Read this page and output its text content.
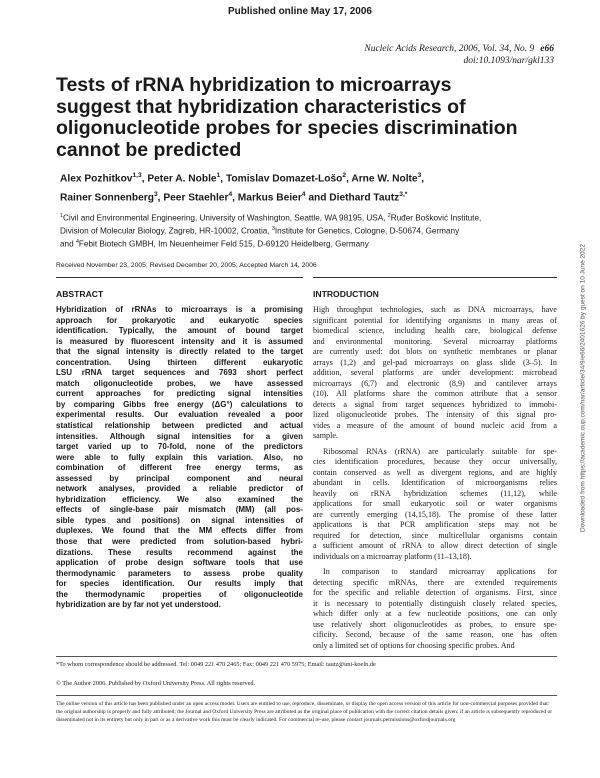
Published online May 17, 2006
Nucleic Acids Research, 2006, Vol. 34, No. 9 e66
doi:10.1093/nar/gkl133
Tests of rRNA hybridization to microarrays
suggest that hybridization characteristics of
oligonucleotide probes for species discrimination
cannot be predicted
Alex Pozhitkov$^{1,3}$, Peter A. Noble$^1$, Tomislav Domazet-Lošo$^2$, Arne W. Nolte$^3$,
Rainer Sonnenberg$^3$, Peer Staehler$^4$, Markus Beier$^4$ and Diethard Tautz$^{3,*}$
$^1$Civil and Environmental Engineering, University of Washington, Seattle, WA 98195, USA, $^2$Ruđer Bošković Institute,
Division of Molecular Biology, Zagreb, HR-10002, Croatia, $^3$Institute for Genetics, Cologne, D-50674, Germany
and $^4$Febit Biotech GMBH, Im Neuenheimer Feld 515, D-69120 Heidelberg, Germany
Received November 23, 2005; Revised December 20, 2005; Accepted March 14, 2006
ABSTRACT	INTRODUCTION
Hybridization of rRNAs to microarrays is a promising
approach for prokaryotic and eukaryotic species
identification. Typically, the amount of bound target
is measured by fluorescent intensity and it is assumed
that the signal intensity is directly related to the target
concentration. Using thirteen different eukaryotic
LSU rRNA target sequences and 7693 short perfect
match oligonucleotide probes, we have assessed
current approaches for predicting signal intensities
by comparing Gibbs free energy (ΔG°) calculations to
experimental results. Our evaluation revealed a poor
statistical relationship between predicted and actual
intensities. Although signal intensities for a given
target varied up to 70-fold, none of the predictors
were able to fully explain this variation. Also, no
combination of different free energy terms, as
assessed by principal component and neural
network analyses, provided a reliable predictor of
hybridization efficiency. We also examined the
effects of single-base pair mismatch (MM) (all pos-
sible types and positions) on signal intensities of
duplexes. We found that the MM effects differ from
those that were predicted from solution-based hybri-
dizations. These results recommend against the
application of probe design software tools that use
thermodynamic parameters to assess probe quality
for species identification. Our results imply that
the thermodynamic properties of oligonucleotide
hybridization are by far not yet understood.
High throughput technologies, such as DNA microarrays, have
significant potential for identifying organisms in many areas of
biomedical science, including health care, biological defense
and environmental monitoring. Several microarray platforms
are currently used: dot blots on synthetic membranes or planar
arrays (1,2) and gel-pad microarrays on glass slide (3–5). In
addition, several platforms are under development: microbead
microarrays (6,7) and electronic (8,9) and cantilever arrays
(10). All platforms share the common attribute that a sensor
detects a signal from target sequences hybridized to immobi-
lized oligonucleotide probes. The intensity of this signal pro-
vides a measure of the amount of bound nucleic acid from a
sample.
Ribosomal RNAs (rRNA) are particularly suitable for spe-
cies identification procedures, because they occur universally,
contain conserved as well as divergent regions, and are highly
abundant in cells. Identification of microorganisms relies
heavily on rRNA hybridization schemes (11,12), while
applications for small eukaryotic soil or water organisms
are currently emerging (14,15,18). The promise of these latter
applications is that PCR amplification steps may not be
required for detection, since multicellular organisms contain
a sufficient amount of rRNA to allow direct detection of single
individuals on a microarray platform (11–13,18).
In comparison to standard microarray applications for
detecting specific mRNAs, there are extended requirements
for the specific and reliable detection of organisms. First, since
it is necessary to potentially distinguish closely related species,
which differ only at a few nucleotide positions, one can only
use relatively short oligonucleotides as probes, to ensure spe-
cificity. Second, because of the same reason, one has often
only a limited set of options for choosing specific probes. And
*To whom correspondence should be addressed. Tel: 0049 221 470 2465; Fax: 0049 221 470 5975; Email: tautz@uni-koeln.de
© The Author 2006. Published by Oxford University Press. All rights reserved.
The online version of this article has been published under an open access model. Users are entitled to use, reproduce, disseminate, or display the open access version of this article for non-commercial purposes provided that: the original authorship is properly and fully attributed; the Journal and Oxford University Press are attributed as the original place of publication with the correct citation details given; if an article is subsequently reproduced or disseminated not in its entirety but only in part or as a derivative work this must be clearly indicated. For commercial re-use, please contact journals.permissions@oxfordjournals.org
Downloaded from https://academic.oup.com/nar/article/34/9/e66/2401626 by guest on 10 June 2022
